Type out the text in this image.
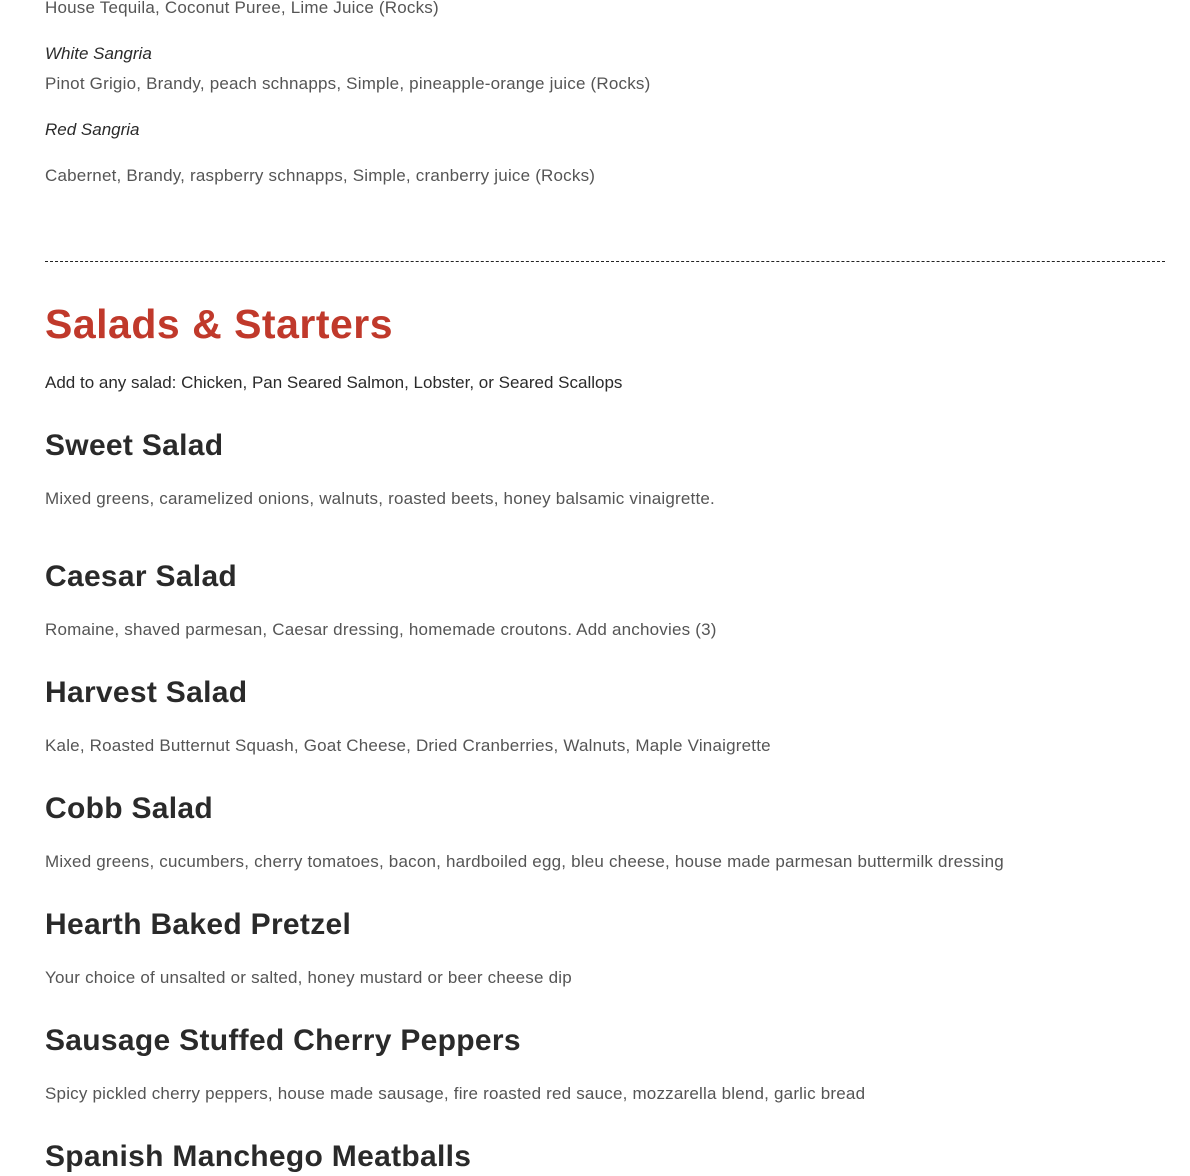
House Tequila, Coconut Puree, Lime Juice (Rocks)
White Sangria
Pinot Grigio, Brandy, peach schnapps, Simple, pineapple-orange juice (Rocks)
Red Sangria
Cabernet, Brandy, raspberry schnapps, Simple, cranberry juice (Rocks)
Salads & Starters
Add to any salad: Chicken, Pan Seared Salmon, Lobster, or Seared Scallops
Sweet Salad
Mixed greens, caramelized onions, walnuts, roasted beets, honey balsamic vinaigrette.
Caesar Salad
Romaine, shaved parmesan, Caesar dressing, homemade croutons. Add anchovies (3)
Harvest Salad
Kale, Roasted Butternut Squash, Goat Cheese, Dried Cranberries, Walnuts, Maple Vinaigrette
Cobb Salad
Mixed greens, cucumbers, cherry tomatoes, bacon, hardboiled egg, bleu cheese, house made parmesan buttermilk dressing
Hearth Baked Pretzel
Your choice of unsalted or salted, honey mustard or beer cheese dip
Sausage Stuffed Cherry Peppers
Spicy pickled cherry peppers, house made sausage, fire roasted red sauce, mozzarella blend, garlic bread
Spanish Manchego Meatballs
